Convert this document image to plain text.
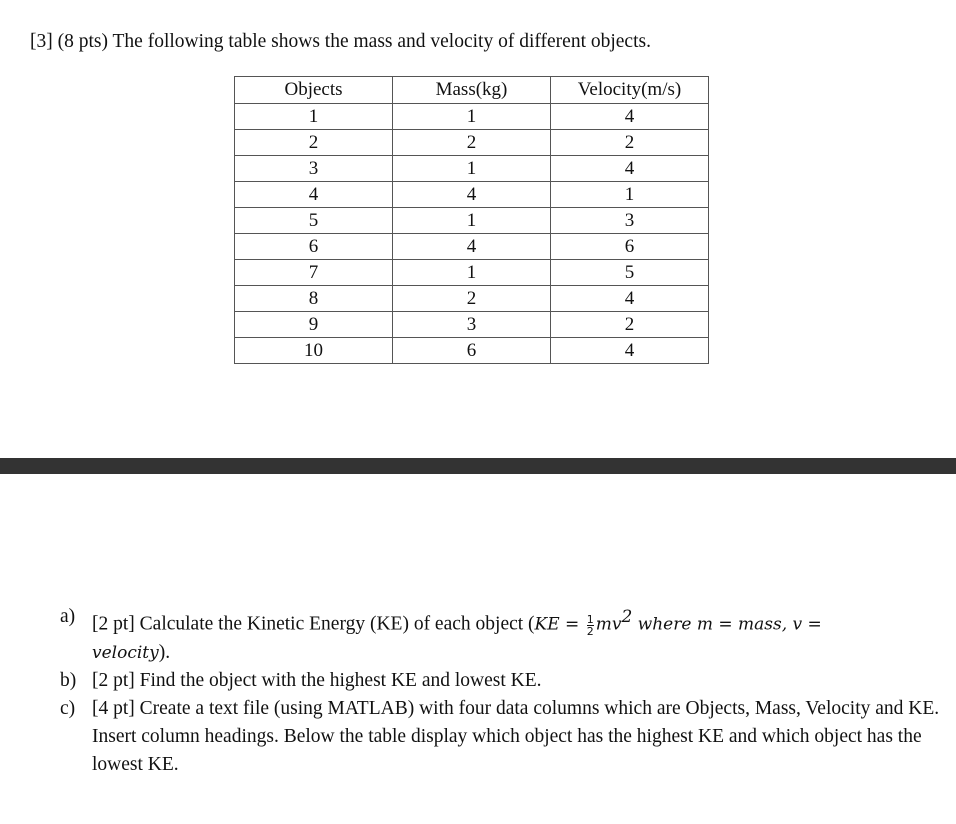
[3] (8 pts) The following table shows the mass and velocity of different objects.
Objects	Mass(kg)	Velocity(m/s)
1	1	4
2	2	2
3	1	4
4	4	1
5	1	3
6	4	6
7	1	5
8	2	4
9	3	2
10	6	4
a) [2 pt] Calculate the Kinetic Energy (KE) of each object ($KE = \frac{1}{2} mv^2$ where m = mass, v =
velocity).
b) [2 pt] Find the object with the highest KE and lowest KE.
c) [4 pt] Create a text file (using MATLAB) with four data columns which are Objects, Mass, Velocity and KE. Insert column headings. Below the table display which object has the highest KE and which object has the lowest KE.
